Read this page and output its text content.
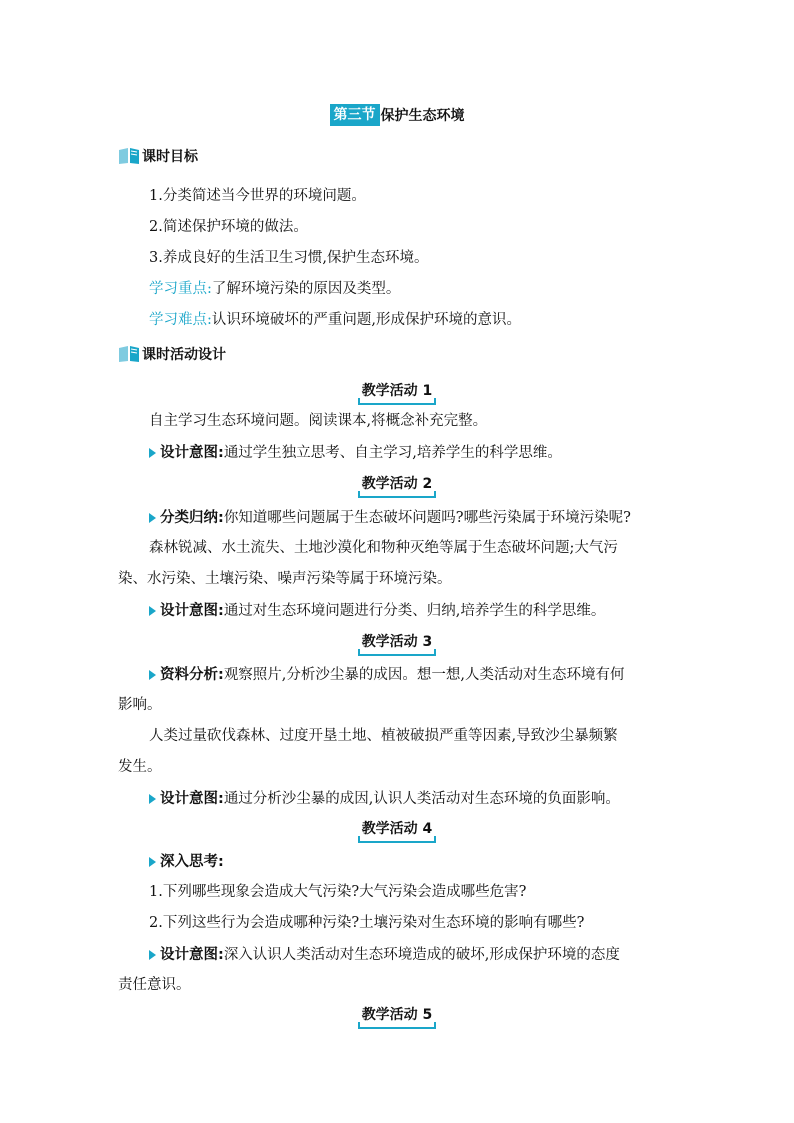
第三节 保护生态环境
课时目标
1.分类简述当今世界的环境问题。
2.简述保护环境的做法。
3.养成良好的生活卫生习惯,保护生态环境。
学习重点:了解环境污染的原因及类型。
学习难点:认识环境破坏的严重问题,形成保护环境的意识。
课时活动设计
教学活动 1
自主学习生态环境问题。阅读课本,将概念补充完整。
设计意图:通过学生独立思考、自主学习,培养学生的科学思维。
教学活动 2
分类归纳:你知道哪些问题属于生态破坏问题吗?哪些污染属于环境污染呢?
森林锐减、水土流失、土地沙漠化和物种灭绝等属于生态破坏问题;大气污
染、水污染、土壤污染、噪声污染等属于环境污染。
设计意图:通过对生态环境问题进行分类、归纳,培养学生的科学思维。
教学活动 3
资料分析:观察照片,分析沙尘暴的成因。想一想,人类活动对生态环境有何
影响。
人类过量砍伐森林、过度开垦土地、植被破损严重等因素,导致沙尘暴频繁
发生。
设计意图:通过分析沙尘暴的成因,认识人类活动对生态环境的负面影响。
教学活动 4
深入思考:
1.下列哪些现象会造成大气污染?大气污染会造成哪些危害?
2.下列这些行为会造成哪种污染?土壤污染对生态环境的影响有哪些?
设计意图:深入认识人类活动对生态环境造成的破坏,形成保护环境的态度
责任意识。
教学活动 5
